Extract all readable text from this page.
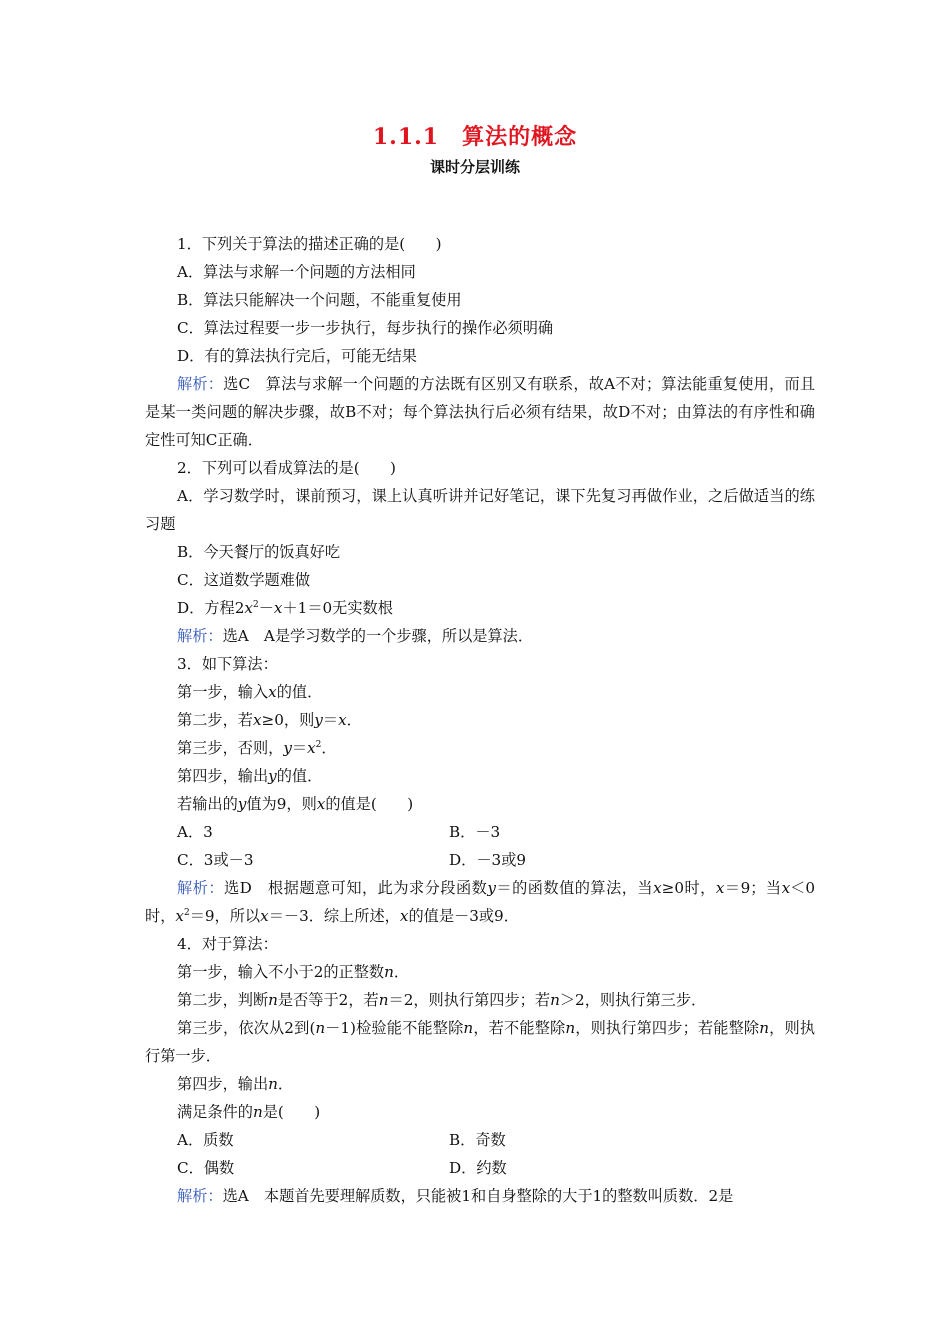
1.1.1　算法的概念
课时分层训练

1．下列关于算法的描述正确的是(　　)

A．算法与求解一个问题的方法相同

B．算法只能解决一个问题，不能重复使用

C．算法过程要一步一步执行，每步执行的操作必须明确

D．有的算法执行完后，可能无结果

解析：选C　算法与求解一个问题的方法既有区别又有联系，故A不对；算法能重复使用，而且是某一类问题的解决步骤，故B不对；每个算法执行后必须有结果，故D不对；由算法的有序性和确定性可知C正确．

2．下列可以看成算法的是(　　)

A．学习数学时，课前预习，课上认真听讲并记好笔记，课下先复习再做作业，之后做适当的练习题

B．今天餐厅的饭真好吃

C．这道数学题难做

D．方程$2x^2-x+1=0$无实数根

解析：选A　A是学习数学的一个步骤，所以是算法．

3．如下算法：

第一步，输入x的值．

第二步，若x≥0，则y＝x．

第三步，否则，$y=x^2$．

第四步，输出y的值．

若输出的y值为9，则x的值是(　　)

A．3	B．－3
C．3或－3	D．－3或9

解析：选D　根据题意可知，此为求分段函数y＝的函数值的算法，当x≥0时，x＝9；当x＜0时，$x^2=9$，所以x＝－3．综上所述，x的值是－3或9．

4．对于算法：

第一步，输入不小于2的正整数n．

第二步，判断n是否等于2，若n＝2，则执行第四步；若n＞2，则执行第三步．

第三步，依次从2到(n－1)检验能不能整除n，若不能整除n，则执行第四步；若能整除n，则执行第一步．

第四步，输出n．

满足条件的n是(　　)

A．质数	B．奇数
C．偶数	D．约数

解析：选A　本题首先要理解质数，只能被1和自身整除的大于1的整数叫质数．2是
